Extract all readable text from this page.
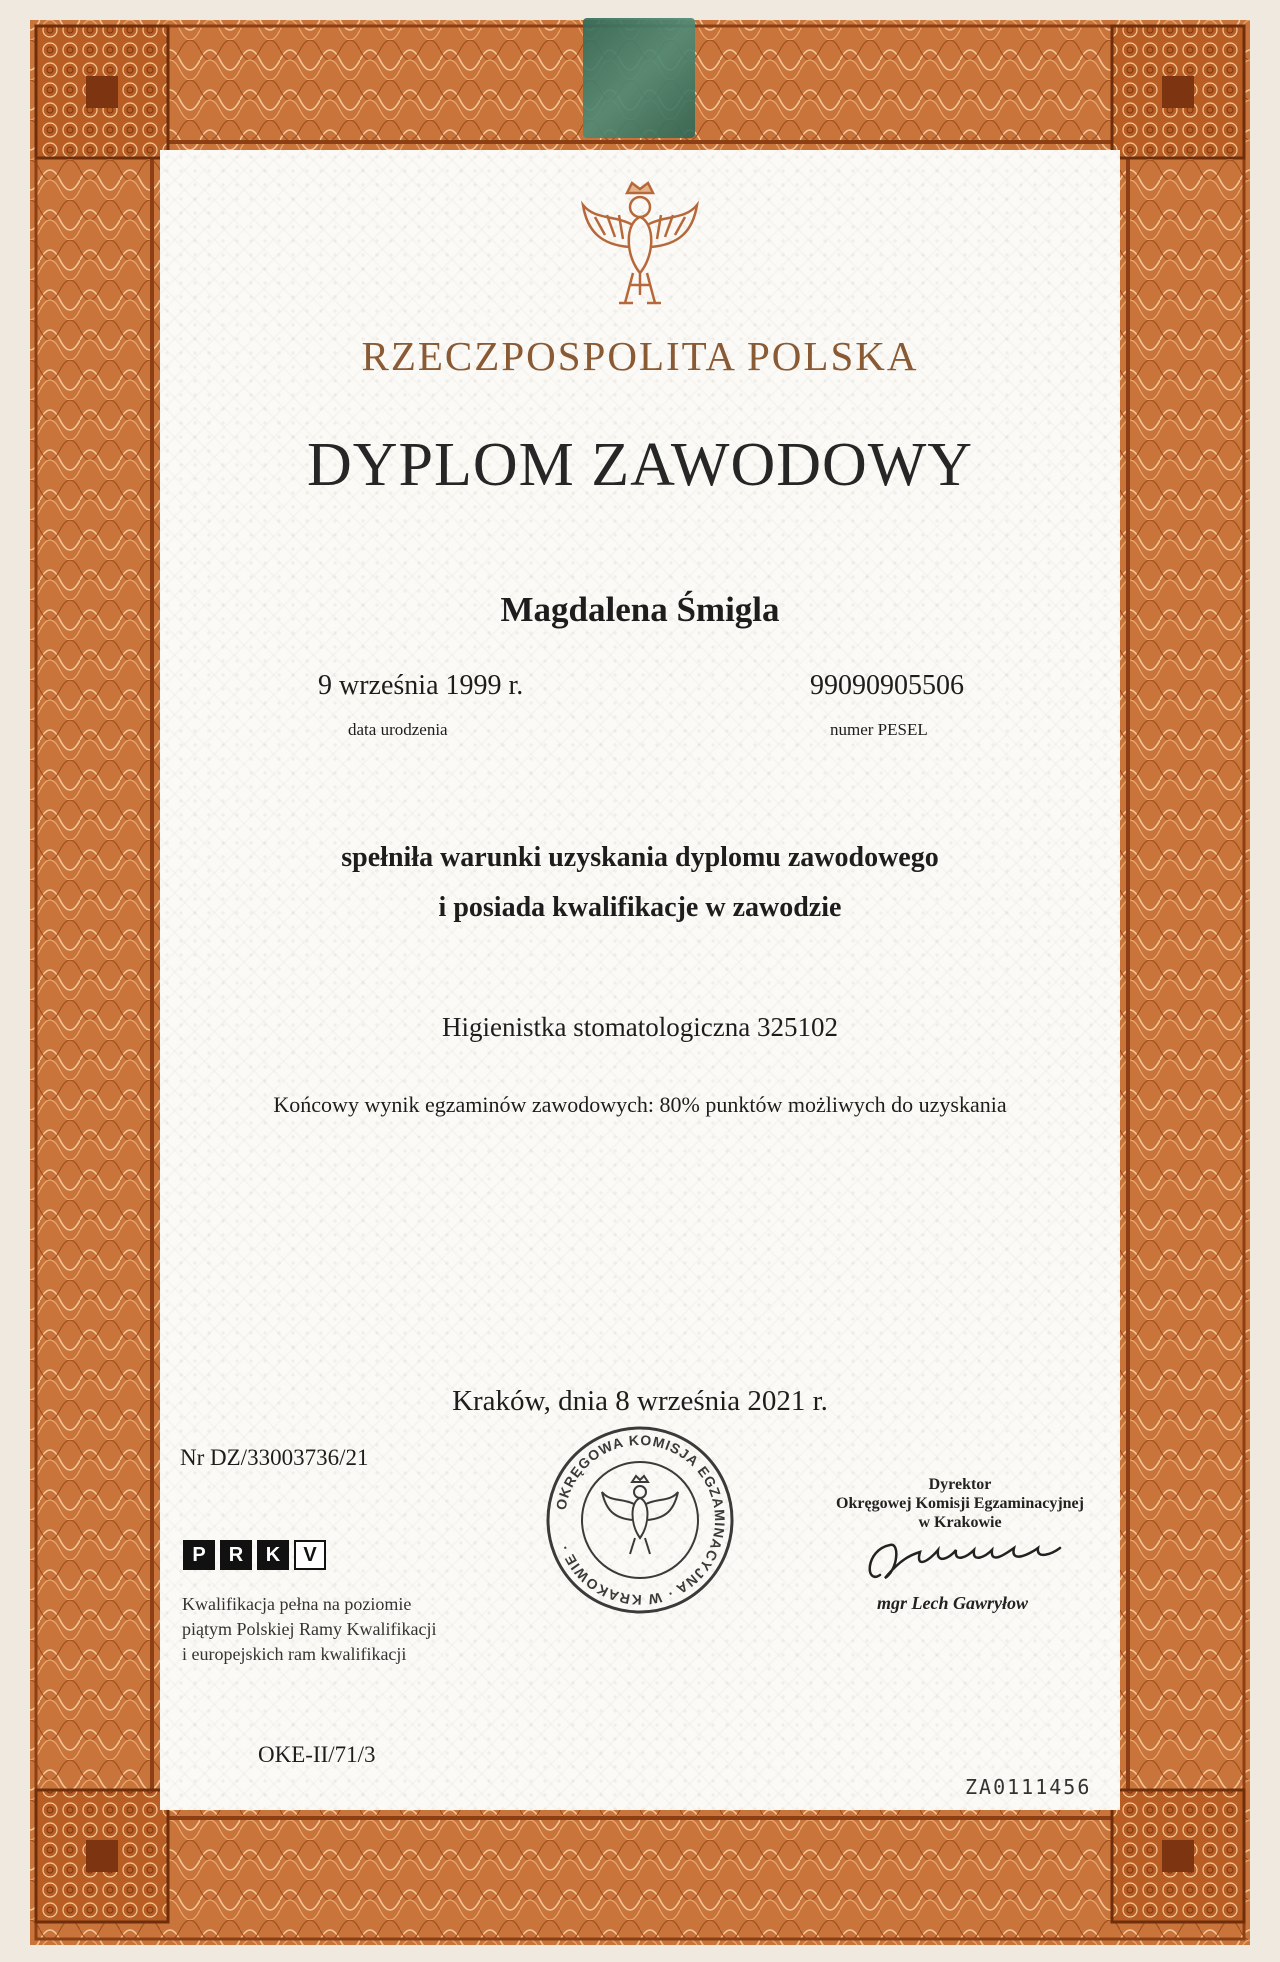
RZECZPOSPOLITA POLSKA
DYPLOM ZAWODOWY
Magdalena Śmigla
9 września 1999 r.
data urodzenia
99090905506
numer PESEL
spełniła warunki uzyskania dyplomu zawodowego
i posiada kwalifikacje w zawodzie
Higienistka stomatologiczna 325102
Końcowy wynik egzaminów zawodowych: 80% punktów możliwych do uzyskania
Kraków, dnia 8 września 2021 r.
Nr DZ/33003736/21
P	R	K	V
Kwalifikacja pełna na poziomie
piątym Polskiej Ramy Kwalifikacji
i europejskich ram kwalifikacji
OKRĘGOWA KOMISJA EGZAMINACYJNA · W KRAKOWIE ·
Dyrektor
Okręgowej Komisji Egzaminacyjnej
w Krakowie
mgr Lech Gawryłow
OKE-II/71/3
ZA0111456
